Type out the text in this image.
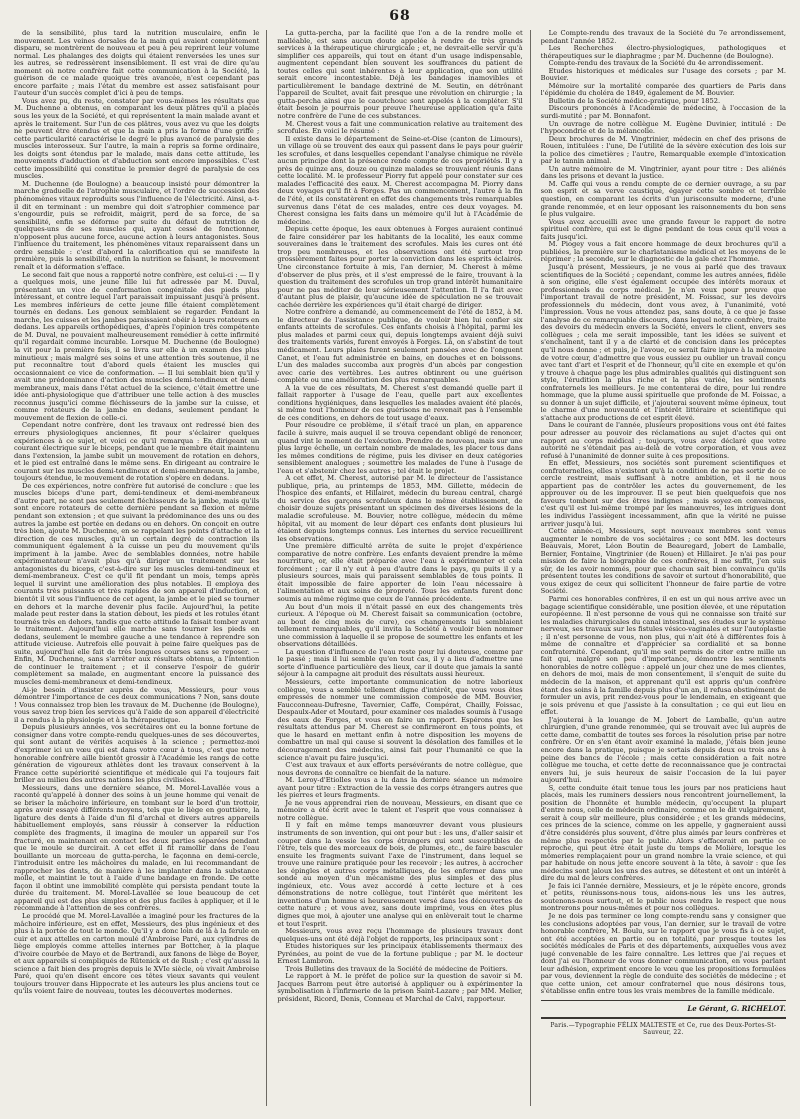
68

de la sensibilité, plus tard la nutrition musculaire, enfin le mouvement. Les veines dorsales de la main qui avaient complètement disparu, se montrèrent de nouveau et peu à peu reprirent leur volume normal. Les phalanges des doigts qui étaient renversées les unes sur les autres, se redressèrent insensiblement. Il est vrai de dire qu'au moment où notre confrère fait cette communication à la Société, la guérison de ce malade quoique très avancée, n'est cependant pas encore parfaite ; mais l'état du membre est assez satisfaisant pour l'auteur d'un succès complet d'ici à peu de temps.

Vous avez pu, du reste, constater par vous-mêmes les résultats que M. Duchenne a obtenus, en comparant les deux plâtres qu'il a placés sous les yeux de la Société, et qui représentent la main malade avant et après le traitement. Sur l'un de ces plâtres, vous avez vu que les doigts ne peuvent être étendus et que la main a pris la forme d'une griffe ; cette particularité caractérise le degré le plus avancé de paralysie des muscles interosseux. Sur l'autre, la main a repris sa forme ordinaire, les doigts sont étendus par le malade, mais dans cette attitude, les mouvements d'adduction et d'abduction sont encore impossibles. C'est cette impossibilité qui constitue le premier degré de paralysie de ces muscles.

M. Duchenne (de Boulogne) a beaucoup insisté pour démontrer la marche graduelle de l'atrophie musculaire, et l'ordre de succession des phénomènes vitaux reproduits sous l'influence de l'électricité. Ainsi, a-t-il dit en terminant : un membre qui doit s'atrophier commence par s'engourdir, puis se refroidit, maigrit, perd de sa force, de sa sensibilité, enfin se déforme par suite du défaut de nutrition de quelques-uns de ses muscles qui, ayant cessé de fonctionner, n'opposent plus aucune force, aucune action à leurs antagonistes. Sous l'influence du traitement, les phénomènes vitaux reparaissent dans un ordre sensible : c'est d'abord la calorification qui se manifeste la première, puis la sensibilité, enfin la nutrition se faisant, le mouvement renaît et la déformation s'efface.

Le second fait que nous a rapporté notre confrère, est celui-ci : — Il y a quelques mois, une jeune fille lui fut adressée par M. Duval, présentant un vice de conformation congénitale des pieds plus intéressant, et contre lequel l'art paraissait impuissant jusqu'à présent. Les membres inférieurs de cette jeune fille étaient complètement tournés en dedans. Les genoux semblaient se regarder. Pendant la marche, les cuisses et les jambes paraissaient obéir à leurs rotateurs en dedans. Les appareils orthopédiques, d'après l'opinion très compétente de M. Duval, ne pouvaient malheureusement remédier à cette infirmité qu'il regardait comme incurable. Lorsque M. Duchenne (de Boulogne) la vit pour la première fois, il se livra sur elle à un examen des plus minutieux ; mais malgré ses soins et une attention très soutenue, il ne put reconnaître tout d'abord quels étaient les muscles qui occasionnaient ce vice de conformation. — Il lui semblait bien qu'il y avait une prédominance d'action des muscles demi-tendineux et demi-membraneux, mais dans l'état actuel de la science, c'était émettre une idée anti-physiologique que d'attribuer une telle action à des muscles reconnus jusqu'ici comme fléchisseurs de la jambe sur la cuisse, et comme rotateurs de la jambe en dedans, seulement pendant le mouvement de flexion de celle-ci.

Cependant notre confrère, dont les travaux ont redressé bien des erreurs physiologiques anciennes, fit pour s'éclairer quelques expériences à ce sujet, et voici ce qu'il remarqua : En dirigeant un courant électrique sur le biceps, pendant que le membre était maintenu dans l'extension, la jambe subit un mouvement de rotation en dehors, et le pied est entraîné dans le même sens. En dirigeant au contraire le courant sur les muscles demi-tendineux et demi-membraneux, la jambe, toujours étendue, le mouvement de rotation s'opère en dedans.

De ces expériences, notre confrère fut autorisé de conclure : que les muscles biceps d'une part, demi-tendineux et demi-membraneux d'autre part, ne sont pas seulement fléchisseurs de la jambe, mais qu'ils sont encore rotateurs de cette dernière pendant sa flexion et même pendant son extension ; et que suivant la prédominance des uns ou des autres la jambe est portée en dedans ou en dehors. On conçoit en outre très bien, ajoute M. Duchenne, en se rappelant les points d'attache et la direction de ces muscles, qu'à un certain degré de contraction ils communiquent également à la cuisse un peu du mouvement qu'ils impriment à la jambe. Avec de semblables données, notre habile expérimentateur n'avait plus qu'à diriger un traitement sur les antagonistes du biceps, c'est-à-dire sur les muscles demi-tendineux et demi-membraneux. C'est ce qu'il fit pendant un mois, temps après lequel il survint une amélioration des plus notables. Il employa des courants très puissants et très rapides de son appareil d'induction, et bientôt il vit sous l'influence de cet agent, la jambe et le pied se tourner en dehors et la marche devenir plus facile. Aujourd'hui, la petite malade peut rester dans la station debout, les pieds et les rotules étant tournés très en dehors, tandis que cette attitude la faisait tomber avant le traitement. Aujourd'hui elle marche sans tourner les pieds en dedans, seulement le membre gauche a une tendance à reprendre son attitude vicieuse. Autrefois elle pouvait à peine faire quelques pas de suite, aujourd'hui elle fait de très longues courses sans se reposer. — Enfin, M. Duchenne, sans s'arrêter aux résultats obtenus, a l'intention de continuer le traitement ; et il conserve l'espoir de guérir complètement sa malade, en augmentant encore la puissance des muscles demi-membraneux et demi-tendineux.

Ai-je besoin d'insister auprès de vous, Messieurs, pour vous démontrer l'importance de ces deux communications ? Non, sans doute ! Vous connaissez trop bien les travaux de M. Duchenne (de Boulogne), vous savez trop bien les services qu'à l'aide de son appareil d'électricité il a rendus à la physiologie et à la thérapeutique.

Depuis plusieurs années, vos secrétaires ont eu la bonne fortune de consigner dans votre compte-rendu quelques-unes de ses découvertes, qui sont autant de vérités acquises à la science ; permettez-moi d'exprimer ici un vœu qui est dans votre cœur à tous, c'est que notre honorable confrère aille bientôt grossir à l'Académie les rangs de cette génération de vigoureux athlètes dont les travaux conservent à la France cette supériorité scientifique et médicale qui l'a toujours fait briller au milieu des autres nations les plus civilisées.

Messieurs, dans une dernière séance, M. Morel-Lavallée vous a raconté qu'appelé à donner des soins à un jeune homme qui venait de se briser la mâchoire inférieure, en tombant sur le bord d'un trottoir, après avoir essayé différents moyens, tels que le liège en gouttière, la ligature des dents à l'aide d'un fil d'archal et divers autres appareils habituellement employés, sans réussir à conserver la réduction complète des fragments, il imagina de mouler un appareil sur l'os fracturé, en maintenant en contact les deux parties séparées pendant que le moule se durcirait. A cet effet il fit ramollir dans de l'eau bouillante un morceau de gutta-percha, le façonna en demi-cercle, l'introduisit entre les mâchoires du malade, en lui recommandant de rapprocher les dents, de manière à les implanter dans la substance molle, et maintint le tout à l'aide d'une bandage en fronde. De cette façon il obtint une immobilité complète qui persista pendant toute la durée du traitement. M. Morel-Lavallée se loue beaucoup de cet appareil qui est des plus simples et des plus faciles à appliquer, et il le recommande à l'attention de ses confrères.

Le procédé que M. Morel-Lavallée a imaginé pour les fractures de la mâchoire inférieure, est en effet, Messieurs, des plus ingénieux et des plus à la portée de tout le monde. Qu'il y a donc loin de là à la ferule en cuir et aux attelles en carton moulé d'Ambroise Paré, aux cylindres de liège employés comme attelles internes par Bottcher, à la plaque d'ivoire courbée de Mayo et de Bertrandi, aux fanons de liège de Boyer, et aux appareils si compliqués de Rütenick et de Rush ; c'est qu'aussi la science a fait bien des progrès depuis le XVIe siècle, où vivait Ambroise Paré, quoi qu'en disent encore ces têtes vieux savants qui veulent toujours trouver dans Hippocrate et les auteurs les plus anciens tout ce qu'ils voient faire de nouveau, toutes les découvertes modernes.

La gutta-percha, par la facilité que l'on a de la rendre molle et malléable, est sans aucun doute appelée à rendre de très grands services à la thérapeutique chirurgicale ; et, ne devrait-elle servir qu'à simplifier ces appareils, qui tout en étant d'un usage indispensable, augmentent cependant bien souvent les souffrances du patient de toutes celles qui sont inhérentes à leur application, que son utilité serait encore incontestable. Déjà les bandages inamovibles et particulièrement le bandage dextriné de M. Seutin, en détrônant l'appareil de Scultet, avait fait presque une révolution en chirurgie ; la gutta-percha ainsi que le caoutchouc sont appelés à la compléter. S'il était besoin je pourrais pour preuve l'heureuse application qu'a faite notre confrère de l'une de ces substances.

M. Cherest vous a fait une communication relative au traitement des scrofules. En voici le résumé :

Il existe dans le département de Seine-et-Oise (canton de Limours), un village où se trouvent des eaux qui passent dans le pays pour guérir les scrofules, et dans lesquelles cependant l'analyse chimique ne révèle aucun principe dont la présence rende compte de ces propriétés. Il y a près de quinze ans, douze ou quinze malades se trouvaient réunis dans cette localité. M. le professeur Piorry fut appelé pour constater sur ces malades l'efficacité des eaux. M. Cherest accompagna M. Piorry dans deux voyages qu'il fit à Forges. Pas un commencement, l'autre à la fin de l'été, et ils constatèrent en effet des changements très remarquables survenus dans l'état de ces malades, entre ces deux voyages. M. Cherest consigna les faits dans un mémoire qu'il lut à l'Académie de médecine.

Depuis cette époque, les eaux obtenues à Forges auraient continué de faire considérer par les habitants de la localité, les eaux comme souveraines dans le traitement des scrofules. Mais les cures ont été trop peu nombreuses, et les observations ont été surtout trop grossièrement faites pour porter la conviction dans les esprits éclairés. Une circonstance fortuite à mis, l'an dernier, M. Cherest à même d'observer de plus près, et il s'est empressé de le faire, trouvant à la question du traitement des scrofules un trop grand intérêt humanitaire pour ne pas méditer de leur sérieusement l'attention. Il l'a fait avec d'autant plus de plaisir, qu'aucune idée de spéculation ne se trouvait cachée derrière les expériences qu'il était chargé de diriger.

Notre confrère a demandé, au commencement de l'été de 1852, à M. le directeur de l'assistance publique, de vouloir bien lui confier six enfants atteints de scrofules. Ces enfants choisis à l'hôpital, parmi les plus malades et parmi ceux qui, depuis longtemps avaient déjà suivi des traitements variés, furent envoyés à Forges. Là, on s'abstint de tout médicament. Leurs plaies furent seulement pansées avec de l'onguent Canet, et l'eau fut administrée en bains, en douches et en boissons. L'un des malades succomba aux progrès d'un abcès par congestion avec carie des vertèbres. Les autres obtinrent ou une guérison complète ou une amélioration des plus remarquables.

A la vue de ces résultats, M. Cherest s'est demandé quelle part il fallait rapporter à l'usage de l'eau, quelle part aux excellentes conditions hygiéniques, dans lesquelles les malades avaient été placés, si même tout l'honneur de ces guérisons ne revenait pas à l'ensemble de ces conditions, en dehors de tout usage d'eaux.

Pour résoudre ce problème, il s'était tracé un plan, en apparence facile à suivre, mais auquel il se trouva cependant obligé de renoncer, quand vint le moment de l'exécution. Prendre de nouveau, mais sur une plus large échelle, un certain nombre de malades, les placer tous dans les mêmes conditions de régime, puis les diviser en deux catégories sensiblement analogues ; soumettre les malades de l'une à l'usage de l'eau et s'abstenir chez les autres ; tel était le projet.

A cet effet, M. Cherest, autorisé par M. le directeur de l'assistance publique, pria, au printemps de 1853, MM. Gillette, médecin de l'hospice des enfants, et Hillairet, médecin du bureau central, chargé du service des garçons scrofuleux dans le même établissement, de choisir douze sujets présentant un spécimen des diverses lésions de la maladie scrofuleuse. M. Bouvier, notre collègue, médecin du même hôpital, vit au moment de leur départ ces enfants dont plusieurs lui étaient depuis longtemps connus. Les internes du service recueillirent les observations.

Une première difficulté arrêta de suite le projet d'expérience comparative de notre confrère. Les enfants devaient prendre la même nourriture, or, elle était préparée avec l'eau à expérimenter et cela forcément ; car il n'y eut à peu d'autre dans le pays, qu puits il y a plusieurs sources, mais qui paraissent semblables de tous points. Il était impossible de faire apporter de loin l'eau nécessaire à l'alimentation et aux soins de propreté. Tous les enfants furent donc soumis au même régime que ceux de l'année précédente.

Au bout d'un mois il n'était passé en eux des changements très curieux. A l'époque où M. Cherest faisait sa communication (octobre, au bout de cinq mois de cure), ces changements lui semblaient tellement remarquables, qu'il invita la Société à vouloir bien nommer une commission à laquelle il se propose de soumettre les enfants et les observations détaillées.

La question d'influence de l'eau reste pour lui douteuse, comme par le passé ; mais il lui semble qu'en tout cas, il y a lieu d'admettre une sorte d'influence particulière des lieux, car il doute que jamais la santé séjour à la campagne ait produit des résultats aussi heureux.

Messieurs, cette importante communication de notre laborieux collègue, vous a semblé tellement digne d'intérêt, que vous vous êtes empressés de nommer une commission composée de MM. Bouvier, Faucconneau-Dufresne, Tavernier, Caffe, Compérat, Chailly, Foissac, Despaulx-Ader et Moutard, pour examiner ces malades soumis à l'usage des eaux de Forges, et vous en faire un rapport. Espérons que les résultats attendus par M. Cherest se confirmeront en tous points, et que le hasard en mettant enfin à notre disposition les moyens de combattre un mal qui cause si souvent la désolation des familles et le découragement des médecins, ainsi fait pour l'humanité ce que la science n'avait pu faire jusqu'ici.

C'est aux travaux et aux efforts persévérants de notre collègue, que nous devrons de connaître ce bienfait de la nature.

M. Leroy-d'Etiolles vous a lu dans la dernière séance un mémoire ayant pour titre : Extraction de la vessie des corps étrangers autres que les pierres et leurs fragments.

Je ne vous apprendrai rien de nouveau, Messieurs, en disant que ce mémoire a été écrit avec le talent et l'esprit que vous connaissez à notre collègue.

Il y fait en même temps manœuvrer devant vous plusieurs instruments de son invention, qui ont pour but : les uns, d'aller saisir et couper dans la vessie les corps étrangers qui sont susceptibles de l'être, tels que des morceaux de bois, de plumes, etc., de faire basculer ensuite les fragments suivant l'axe de l'instrument, dans lequel se trouve une rainure pratiquée pour les recevoir ; les autres, à accrocher les épingles et autres corps métalliques, de les enfermer dans une sonde au moyen d'un mécanisme des plus simples et des plus ingénieux, etc. Vous avez accordé à cette lecture et à ces démonstrations de notre collègue, tout l'intérêt que méritent les inventions d'un homme si heureusement versé dans les découvertes de cette nature ; et vous avez, sans doute imprimé, vous en êtes plus dignes que moi, à ajouter une analyse qui en enlèverait tout le charme et tout l'esprit.

Messieurs, vous avez reçu l'hommage de plusieurs travaux dont quelques-uns ont été déjà l'objet de rapports, les principaux sont :

Etudes historiques sur les principaux établissements thermaux des Pyrénées, au point de vue de la fortune publique ; par M. le docteur Ernest Lambron.

Trois Bulletins des travaux de la Société de médecine de Poitiers.

Le rapport à M. le préfet de police sur la question de savoir si M. Jacques Barrom peut être autorisé à appliquer ou à expérimenter la symbolisation à l'infirmerie de la prison Saint-Lazare ; par MM. Melier, président, Ricord, Denis, Conneau et Marchal de Calvi, rapporteur.

Le Compte-rendu des travaux de la Société du 7e arrondissement, pendant l'année 1852.

Les Recherches électro-physiologiques, pathologiques et thérapeutiques sur le diaphragme ; par M. Duchenne (de Boulogne).

Compte-rendu des travaux de la Société du 4e arrondissement.

Etudes historiques et médicales sur l'usage des corsets ; par M. Bouvier.

Mémoire sur la mortalité comparée des quartiers de Paris dans l'épidémie du choléra de 1849, également de M. Bouvier.

Bulletin de la Société médico-pratique, pour 1852.

Discours prononcés à l'Académie de médecine, à l'occasion de la surdi-mutité ; par M. Bonnafont.

Un ouvrage de notre collègue M. Eugène Duvinier, intitulé : De l'hypocondrie et de la mélancolie.

Deux brochures de M. Vingtrinier, médecin en chef des prisons de Rouen, intitulées : l'une, De l'utilité de la sévère exécution des lois sur la police des cimetières ; l'autre, Remarquable exemple d'intoxication par le tannin animal.

Un autre mémoire de M. Vingtrinier, ayant pour titre : Des aliénés dans les prisons et devant la justice.

M. Caffe qui vous a rendu compte de ce dernier ouvrage, a su par son esprit et sa verve caustique, égayer cette sombre et terrible question, en comparant les écrits d'un jurisconsulte moderne, d'une grande renommée, et en leur opposant les raisonnements du bon sens le plus vulgaire.

Vous avez accueilli avec une grande faveur le rapport de notre spirituel confrère, qui est le digne pendant de tous ceux qu'il vous a faits jusqu'ici.

M. Piogey vous a fait encore hommage de deux brochures qu'il a publiées, la première sur le charlatanisme médical et les moyens de le réprimer ; la seconde, sur le diagnostic de la gale chez l'homme.

Jusqu'à présent, Messieurs, je ne vous ai parlé que des travaux scientifiques de la Société ; cependant, comme les autres années, fidèle à son origine, elle s'est également occupée des intérêts moraux et professionnels du corps médical. Je n'en veux pour preuve que l'important travail de notre président, M. Foissac, sur les devoirs professionnels du médecin, dont vous avez, à l'unanimité, voté l'impression. Vous ne vous attendez pas, sans doute, à ce que je fasse l'analyse de ce remarquable discours, dans lequel notre confrère, traite des devoirs du médecin envers la Société, envers le client, envers ses collègues ; cela me serait impossible, tant les idées se suivent et s'enchaînent, tant il y a de clarté et de concision dans les préceptes qu'il nous donne ; et puis, je l'avoue, ce serait faire injure à la mémoire de votre cœur, d'admettre que vous eussiez pu oublier un travail conçu avec tant d'art et l'esprit et de l'honneur, qu'il cite en exemple et qu'on y trouve à chaque page les plus admirables qualités qui distinguent son style, l'érudition la plus riche et la plus variée, les sentiments confraternels les meilleurs. Je me contenterai de dire, pour lui rendre hommage, que la plume aussi spirituelle que profonde de M. Foissac, a su donner à un sujet difficile, et j'ajouterai souvent même épineux, tout le charme d'une nouveauté et l'intérêt littéraire et scientifique qui s'attache aux productions de cet esprit élevé.

Dans le courant de l'année, plusieurs propositions vous ont été faites pour adresser au pouvoir des réclamations au sujet d'actes qui ont rapport au corps médical ; toujours, vous avez déclaré que votre autorité ne s'étendait pas au-delà de votre corporation, et vous avez refusé à l'unanimité de donner suite à ces propositions.

En effet, Messieurs, nos sociétés sont purement scientifiques et confraternelles, elles n'existent qu'à la condition de ne pas sortir de ce cercle restreint, mais suffisant à notre ambition, et il ne nous appartient pas de contrôler les actes du gouvernement, de les approuver ou de les improuver. Il se peut bien quelquefois que nos faveurs tombent sur des êtres indignes ; mais soyez-en convaincus, c'est qu'il est lui-même trompé par les manœuvres, les intrigues dont les individus l'assiègent incessamment, afin que la vérité ne puisse arriver jusqu'à lui.

Cette année-ci, Messieurs, sept nouveaux membres sont venus augmenter le nombre de vos sociétaires ; ce sont MM. les docteurs Beauvais, Moret, Léon Boutin de Beauregard, Jobert de Lamballe, Bernier, Fontaine, Vingtrinier (de Rouen) et Hillairet. Je n'ai pas pour mission de faire la biographie de ces confrères, il me suffit, j'en suis sûr, de les avoir nommés, pour que chacun sait bien convaincu qu'ils présentent toutes les conditions de savoir et surtout d'honorabilité, que vous exigez de ceux qui sollicitent l'honneur de faire partie de votre Société.

Parmi ces honorables confrères, il en est un qui nous arrive avec un bagage scientifique considérable, une position élevée, et une réputation européenne. Il n'est personne de vous qui ne connaisse son traité sur les maladies chirurgicales du canal intestinal, ses études sur le système nerveux, ses travaux sur les fistules vésico-vaginales et sur l'autoplastie ; il n'est personne de vous, non plus, qui n'ait été à différentes fois à même de connaître et d'apprécier sa cordialité et sa bonne confraternité. Cependant, qu'il me soit permis de citer entre mille un fait qui, malgré son peu d'importance, démontre les sentiments honorables de notre collègue : appelé un jour chez une de mes clientes, en dehors de moi, mais de mon consentement, il s'enquit de suite du médecin de la maison, et apprenant qu'il est appris qu'un confrère étant des soins à la famille depuis plus d'un an, il refusa obstinément de formuler un avis, prit rendez-vous pour le lendemain, en exigeant que je sois prévenu et que j'assiste à la consultation ; ce qui eut lieu en effet.

J'ajouterai à la louange de M. Jobert de Lamballe, qu'un autre chirurgien, d'une grande renommée, qui se trouvait avec lui auprès de cette dame, combattit de toutes ses forces la résolution prise par notre confrère. Or en s'en étant avoir examiné la malade, j'étais bien jeune encore dans la pratique, puisque je sortais depuis deux ou trois ans à peine des bancs de l'école ; mais cette considération a fait notre collègue me toucha, et cette dette de reconnaissance que je contractai envers lui, je suis heureux de saisir l'occasion de la lui payer aujourd'hui.

S, cette conduite était tenue tous les jours par nos praticiens haut placés, mais les ruminers dessiers nous rencontrent journellement, la position de l'honnête et humble médecin, qu'occupent la plupart d'entre nous, celle de médecin ordinaire, comme on le dit vulgairement, serait à coup sûr meilleure, plus considérée ; et les grands médecins, ces princes de la science, comme on les appelle, y gagneraient aussi d'être considérés plus souvent, d'être plus aimés par leurs confrères et même plus respectés par le public. Alors s'effacerait en partie ce reproche, qui peut être était juste du temps de Molière, lorsque les mômeries remplaçaient pour un grand nombre la vraie science, et qui par habitude on nous jette encore souvent à la tête, à savoir : que les médecins sont jaloux les uns des autres, se détestent et ont un intérêt à dire du mal de leurs confrères.

Je fais ici l'année dernière, Messieurs, et je le répète encore, gronds et petits, réunissons-nous tous, aidons-nous les uns les autres, soutenons-nous surtout, et le public nous rendra le respect que nous montrerons pour nous-mêmes et pour nos collègues.

Je ne dois pas terminer ce long compte-rendu sans y consigner que les conclusions adoptées par vous, l'an dernier, sur le travail de votre honorable confrère, M. Boulu, sur le rapport que je vous fis à ce sujet, ont été acceptées en partie ou en totalité, par presque toutes les sociétés médicales de Paris et des départements, auxquelles vous avez jugé convenable de les faire connaître. Les lettres que j'ai reçues et dont j'ai eu l'honneur de vous donner communication, en vous parlant leur adhésion, expriment encore le vœu que les propositions formulées par vous, deviennent la règle de conduite des sociétés de médecine ; et que cette union, cet amour confraternel que nous désirons tous, s'établisse enfin entre tous les vrais membres de la famille médicale.

Le Gérant, G. RICHELOT.
Paris.—Typographie FÉLIX MALTESTE et Ce, rue des Deux-Portes-St-Sauveur, 22.
